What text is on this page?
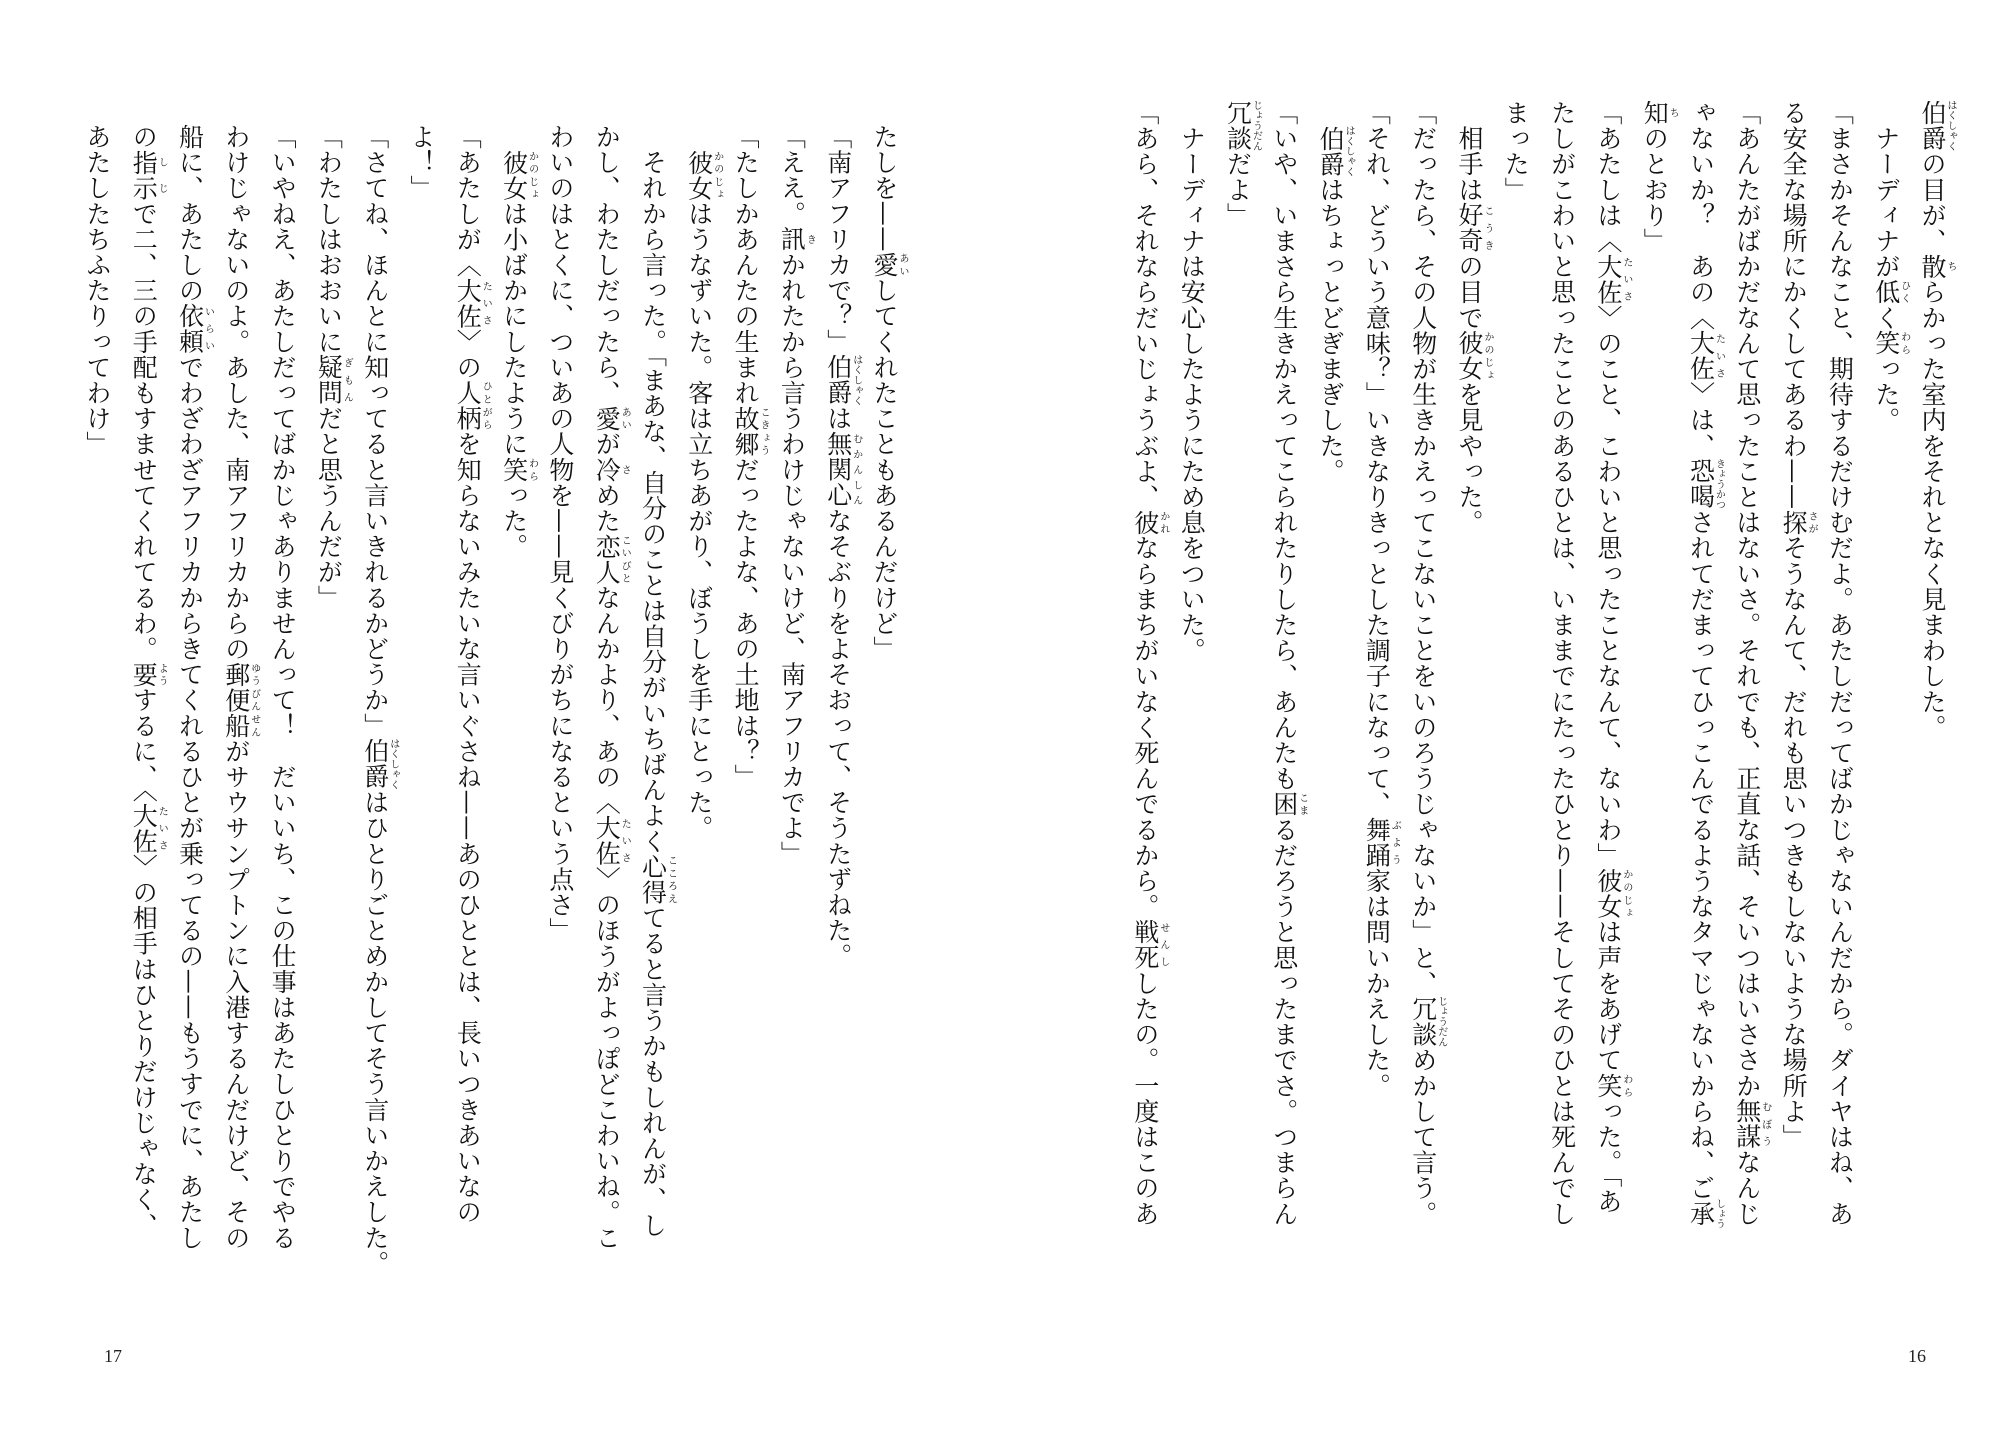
伯爵はくしゃくの目が、散ちらかった室内をそれとなく見まわした。
　ナーディナが低ひくく笑わらった。
「まさかそんなこと、期待するだけむだよ。あたしだってばかじゃないんだから。ダイヤはね、あ
る安全な場所にかくしてあるわ——探さがそうなんて、だれも思いつきもしないような場所よ」
「あんたがばかだなんて思ったことはないさ。それでも、正直な話、そいつはいささか無謀むぼうなんじ
ゃないか？　あの〈大佐たいさ〉は、恐喝きょうかつされてだまってひっこんでるようなタマじゃないからね、ご承しょう
知ちのとおり」
「あたしは〈大佐たいさ〉のこと、こわいと思ったことなんて、ないわ」彼女かのじょは声をあげて笑わらった。「あ
たしがこわいと思ったことのあるひとは、いままでにたったひとり——そしてそのひとは死んでし
まった」
　相手は好奇こうきの目で彼女かのじょを見やった。
「だったら、その人物が生きかえってこないことをいのろうじゃないか」と、冗談じょうだんめかして言う。
「それ、どういう意味？」いきなりきっとした調子になって、舞踊ぶよう家は問いかえした。
　伯爵はくしゃくはちょっとどぎまぎした。
「いや、いまさら生きかえってこられたりしたら、あんたも困こまるだろうと思ったまでさ。つまらん
冗談じょうだんだよ」
　ナーディナは安心したようにため息をついた。
「あら、それならだいじょうぶよ、彼かれならまちがいなく死んでるから。戦死せんししたの。一度はこのあ
16
たしを——愛あいしてくれたこともあるんだけど」
「南アフリカで？」伯爵はくしゃくは無関心むかんしんなそぶりをよそおって、そうたずねた。
「ええ。訊きかれたから言うわけじゃないけど、南アフリカでよ」
「たしかあんたの生まれ故郷こきょうだったよな、あの土地は？」
　彼女かのじょはうなずいた。客は立ちあがり、ぼうしを手にとった。
　それから言った。「まあな、自分のことは自分がいちばんよく心得こころえてると言うかもしれんが、し
かし、わたしだったら、愛あいが冷さめた恋人こいびとなんかより、あの〈大佐たいさ〉のほうがよっぽどこわいね。こ
わいのはとくに、ついあの人物を——見くびりがちになるという点さ」
　彼女かのじょは小ばかにしたように笑わらった。
「あたしが〈大佐たいさ〉の人柄ひとがらを知らないみたいな言いぐさね——あのひととは、長いつきあいなの
よ！」
「さてね、ほんとに知ってると言いきれるかどうか」伯爵はくしゃくはひとりごとめかしてそう言いかえした。
「わたしはおおいに疑問ぎもんだと思うんだが」
「いやねえ、あたしだってばかじゃありませんって！　だいいち、この仕事はあたしひとりでやる
わけじゃないのよ。あした、南アフリカからの郵便船ゆうびんせんがサウサンプトンに入港するんだけど、その
船に、あたしの依頼いらいでわざわざアフリカからきてくれるひとが乗ってるの——もうすでに、あたし
の指示しじで二、三の手配もすませてくれてるわ。要ようするに、〈大佐たいさ〉の相手はひとりだけじゃなく、
あたしたちふたりってわけ」
17
